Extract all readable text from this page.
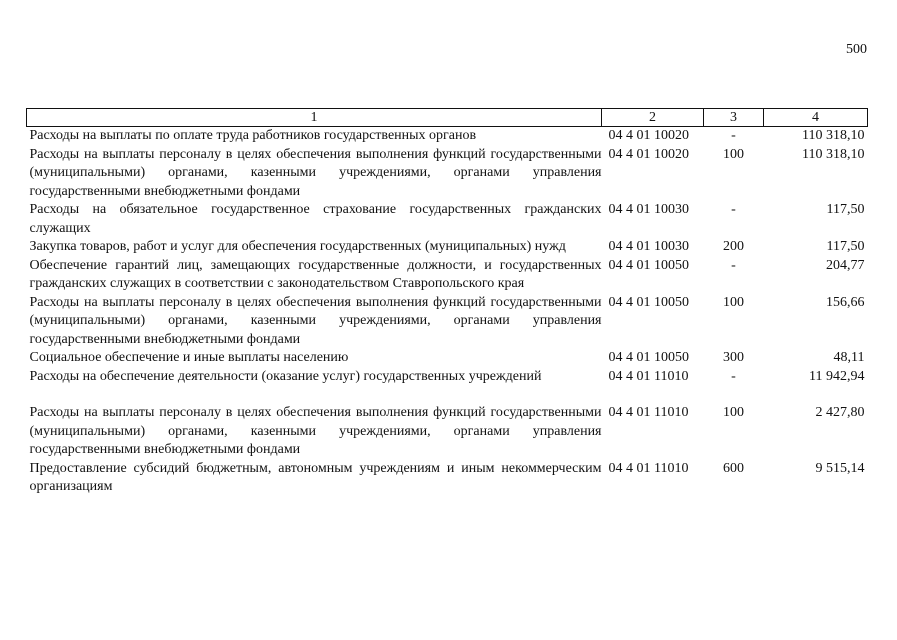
500
1	2	3	4
Расходы на выплаты по оплате труда работников государственных органов	04 4 01 10020	-	110 318,10
Расходы на выплаты персоналу в целях обеспечения выполнения функций государственными (муниципальными) органами, казенными учреждениями, органами управления государственными внебюджетными фондами	04 4 01 10020	100	110 318,10
Расходы на обязательное государственное страхование государственных гражданских служащих	04 4 01 10030	-	117,50
Закупка товаров, работ и услуг для обеспечения государственных (муниципальных) нужд	04 4 01 10030	200	117,50
Обеспечение гарантий лиц, замещающих государственные должности, и государственных гражданских служащих в соответствии с законодательством Ставропольского края	04 4 01 10050	-	204,77
Расходы на выплаты персоналу в целях обеспечения выполнения функций государственными (муниципальными) органами, казенными учреждениями, органами управления государственными внебюджетными фондами	04 4 01 10050	100	156,66
Социальное обеспечение и иные выплаты населению	04 4 01 10050	300	48,11
Расходы на обеспечение деятельности (оказание услуг) государственных учреждений	04 4 01 11010	-	11 942,94
Расходы на выплаты персоналу в целях обеспечения выполнения функций государственными (муниципальными) органами, казенными учреждениями, органами управления государственными внебюджетными фондами	04 4 01 11010	100	2 427,80
Предоставление субсидий бюджетным, автономным учреждениям и иным некоммерческим организациям	04 4 01 11010	600	9 515,14
